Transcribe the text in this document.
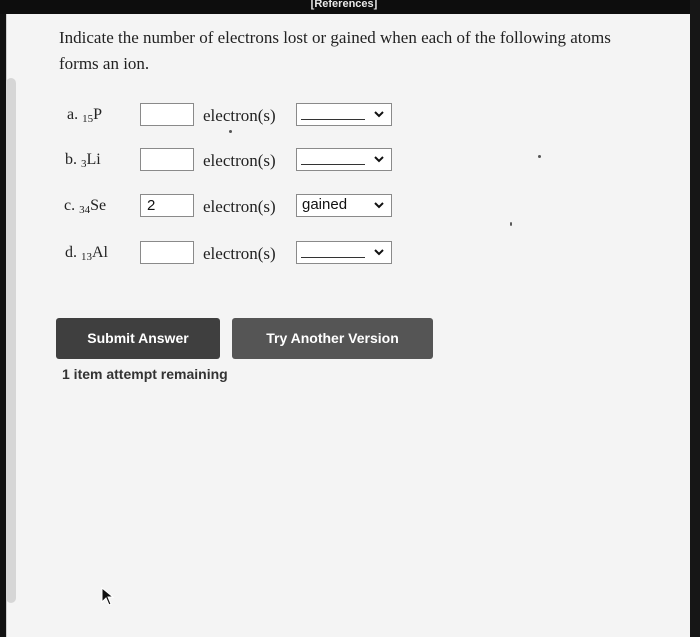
[References]
Indicate the number of electrons lost or gained when each of the following atoms forms an ion.
a. $_{15}$P	electron(s)
b. $_3$Li	electron(s)
c. $_{34}$Se	2	electron(s) gained
d. $_{13}$Al	electron(s)
Submit Answer	Try Another Version
1 item attempt remaining
